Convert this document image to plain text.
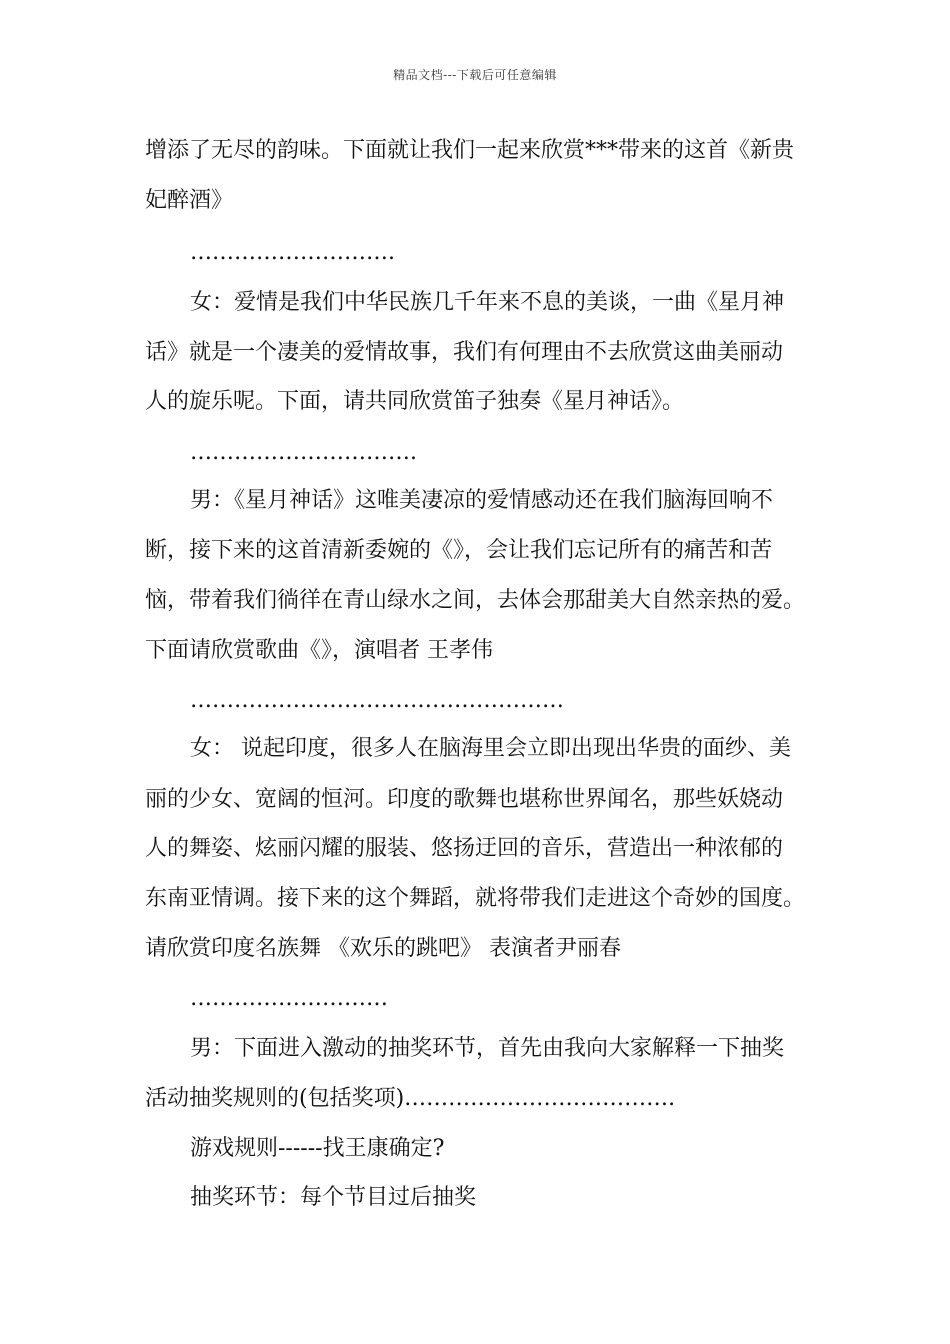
精品文档---下载后可任意编辑
增添了无尽的韵味。下面就让我们一起来欣赏***带来的这首《新贵
妃醉酒》
……………………….
女：爱情是我们中华民族几千年来不息的美谈，一曲《星月神
话》就是一个凄美的爱情故事，我们有何理由不去欣赏这曲美丽动
人的旋乐呢。下面，请共同欣赏笛子独奏《星月神话》。
………………………….
男：《星月神话》这唯美凄凉的爱情感动还在我们脑海回响不
断，接下来的这首清新委婉的《》，会让我们忘记所有的痛苦和苦
恼，带着我们徜徉在青山绿水之间，去体会那甜美大自然亲热的爱。
下面请欣赏歌曲《》，演唱者 王孝伟
……………………………………………
女： 说起印度，很多人在脑海里会立即出现出华贵的面纱、美
丽的少女、宽阔的恒河。印度的歌舞也堪称世界闻名，那些妖娆动
人的舞姿、炫丽闪耀的服装、悠扬迂回的音乐，营造出一种浓郁的
东南亚情调。接下来的这个舞蹈，就将带我们走进这个奇妙的国度。
请欣赏印度名族舞 《欢乐的跳吧》 表演者尹丽春
………………………
男：下面进入激动的抽奖环节，首先由我向大家解释一下抽奖
活动抽奖规则的(包括奖项)……………………………….
游戏规则------找王康确定?
抽奖环节：每个节目过后抽奖
